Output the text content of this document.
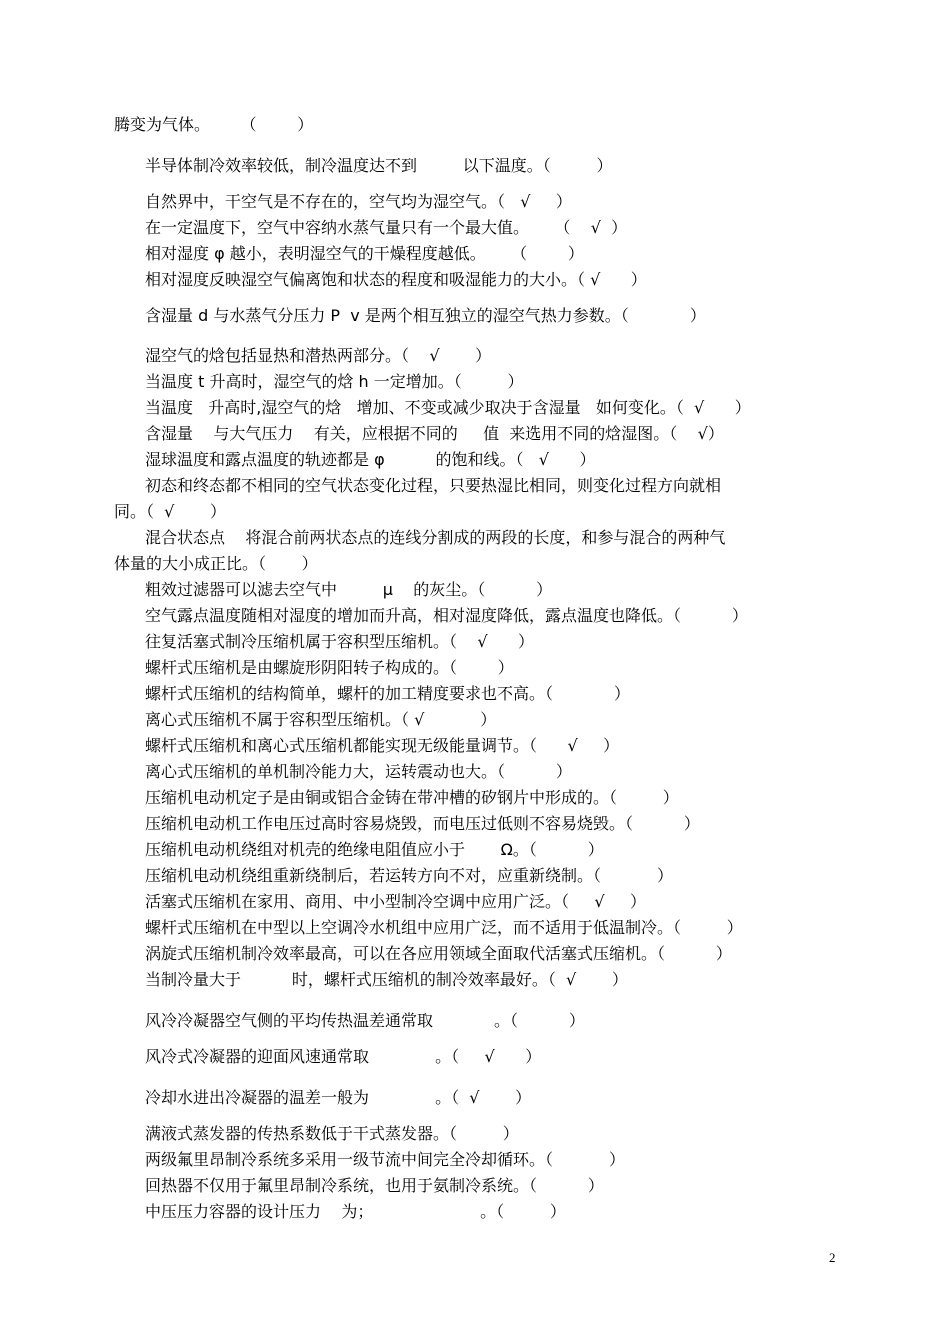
腾变为气体。      （        ）
半导体制冷效率较低，制冷温度达不到         以下温度。（         ）
自然界中，干空气是不存在的，空气均为湿空气。（   √     ）
在一定温度下，空气中容纳水蒸气量只有一个最大值。     （    √  ）
相对湿度 φ 越小，表明湿空气的干燥程度越低。     （        ）
相对湿度反映湿空气偏离饱和状态的程度和吸湿能力的大小。（ √      ）
含湿量 d 与水蒸气分压力 P  v 是两个相互独立的湿空气热力参数。（            ）
湿空气的焓包括显热和潜热两部分。（    √       ）
当温度 t 升高时，湿空气的焓 h 一定增加。（         ）
当温度   升高时,湿空气的焓   增加、不变或减少取决于含湿量   如何变化。（  √      ）
含湿量    与大气压力    有关，应根据不同的     值  来选用不同的焓湿图。（    √）
湿球温度和露点温度的轨迹都是 φ          的饱和线。（   √      ）
初态和终态都不相同的空气状态变化过程，只要热湿比相同，则变化过程方向就相
同。（  √       ）
混合状态点    将混合前两状态点的连线分割成的两段的长度，和参与混合的两种气
体量的大小成正比。（       ）
粗效过滤器可以滤去空气中         μ    的灰尘。（          ）
空气露点温度随相对湿度的增加而升高，相对湿度降低，露点温度也降低。（          ）
往复活塞式制冷压缩机属于容积型压缩机。（    √      ）
螺杆式压缩机是由螺旋形阴阳转子构成的。（        ）
螺杆式压缩机的结构简单，螺杆的加工精度要求也不高。（            ）
离心式压缩机不属于容积型压缩机。（ √           ）
螺杆式压缩机和离心式压缩机都能实现无级能量调节。（      √     ）
离心式压缩机的单机制冷能力大，运转震动也大。（          ）
压缩机电动机定子是由铜或铝合金铸在带冲槽的矽钢片中形成的。（         ）
压缩机电动机工作电压过高时容易烧毁，而电压过低则不容易烧毁。（          ）
压缩机电动机绕组对机壳的绝缘电阻值应小于       Ω。（          ）
压缩机电动机绕组重新绕制后，若运转方向不对，应重新绕制。（           ）
活塞式压缩机在家用、商用、中小型制冷空调中应用广泛。（     √     ）
螺杆式压缩机在中型以上空调冷水机组中应用广泛，而不适用于低温制冷。（         ）
涡旋式压缩机制冷效率最高，可以在各应用领域全面取代活塞式压缩机。（          ）
当制冷量大于          时，螺杆式压缩机的制冷效率最好。（  √       ）
风冷冷凝器空气侧的平均传热温差通常取            。（          ）
风冷式冷凝器的迎面风速通常取             。（     √      ）
冷却水进出冷凝器的温差一般为             。（  √       ）
满液式蒸发器的传热系数低于干式蒸发器。（         ）
两级氟里昂制冷系统多采用一级节流中间完全冷却循环。（           ）
回热器不仅用于氟里昂制冷系统，也用于氨制冷系统。（          ）
中压压力容器的设计压力    为；                     。（         ）
2
